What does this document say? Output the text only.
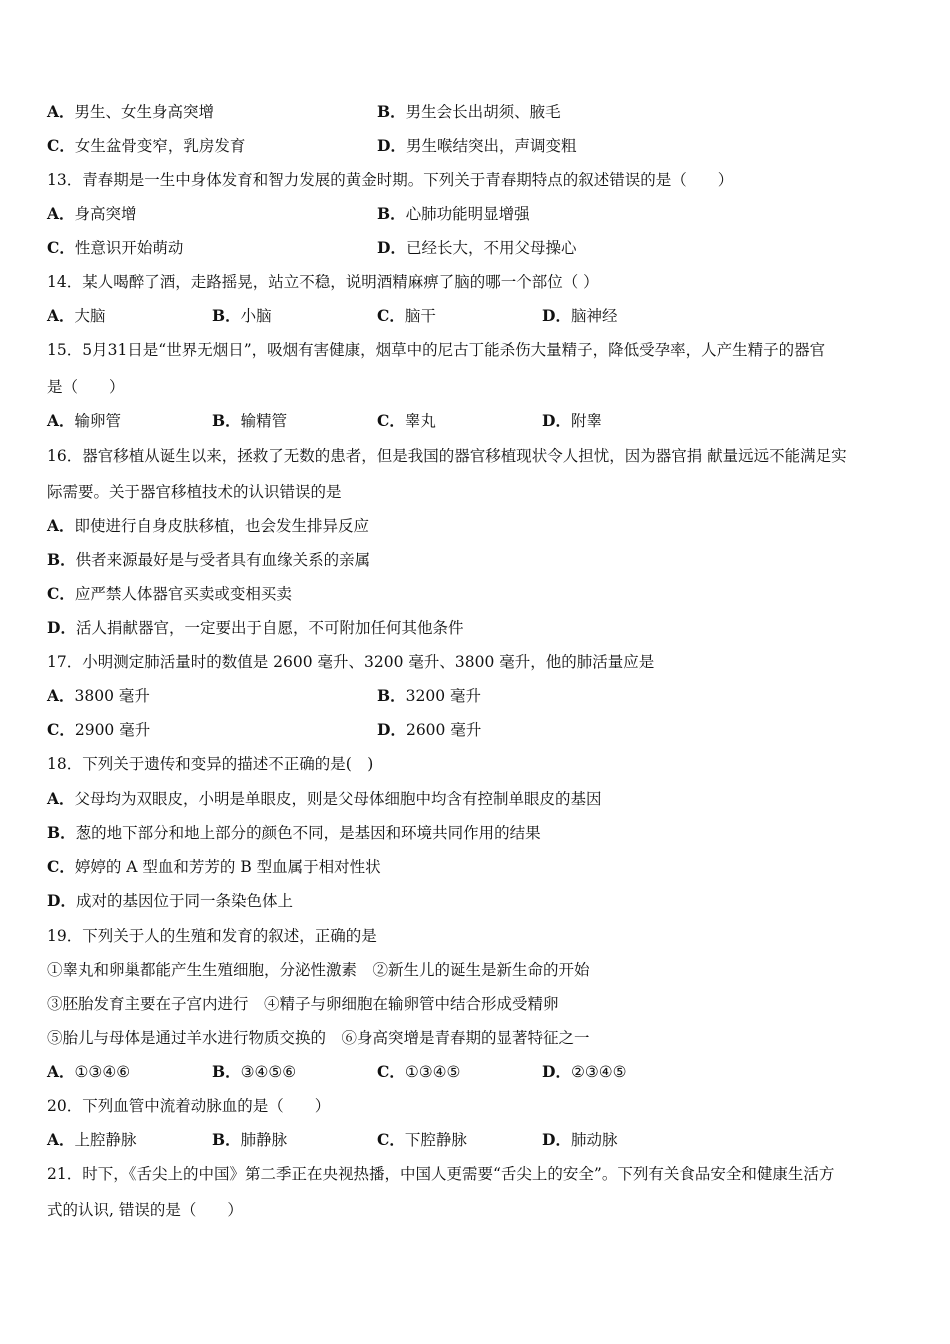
A．男生、女生身高突增	B．男生会长出胡须、腋毛
C．女生盆骨变窄，乳房发育	D．男生喉结突出，声调变粗
13．青春期是一生中身体发育和智力发展的黄金时期。下列关于青春期特点的叙述错误的是（　　）
A．身高突增	B．心肺功能明显增强
C．性意识开始萌动	D．已经长大，不用父母操心
14．某人喝醉了酒，走路摇晃，站立不稳，说明酒精麻痹了脑的哪一个部位（ ）
A．大脑	B．小脑	C．脑干	D．脑神经
15．5月31日是“世界无烟日”，吸烟有害健康，烟草中的尼古丁能杀伤大量精子，降低受孕率，人产生精子的器官
是（　　）
A．输卵管	B．输精管	C．睾丸	D．附睾
16．器官移植从诞生以来，拯救了无数的患者，但是我国的器官移植现状令人担忧，因为器官捐 献量远远不能满足实
际需要。关于器官移植技术的认识错误的是
A．即使进行自身皮肤移植，也会发生排异反应
B．供者来源最好是与受者具有血缘关系的亲属
C．应严禁人体器官买卖或变相买卖
D．活人捐献器官，一定要出于自愿，不可附加任何其他条件
17．小明测定肺活量时的数值是 2600 毫升、3200 毫升、3800 毫升，他的肺活量应是
A．3800 毫升	B．3200 毫升
C．2900 毫升	D．2600 毫升
18．下列关于遗传和变异的描述不正确的是(　)
A．父母均为双眼皮，小明是单眼皮，则是父母体细胞中均含有控制单眼皮的基因
B．葱的地下部分和地上部分的颜色不同，是基因和环境共同作用的结果
C．婷婷的 A 型血和芳芳的 B 型血属于相对性状
D．成对的基因位于同一条染色体上
19．下列关于人的生殖和发育的叙述，正确的是
①睾丸和卵巢都能产生生殖细胞，分泌性激素　②新生儿的诞生是新生命的开始
③胚胎发育主要在子宫内进行　④精子与卵细胞在输卵管中结合形成受精卵
⑤胎儿与母体是通过羊水进行物质交换的　⑥身高突增是青春期的显著特征之一
A．①③④⑥	B．③④⑤⑥	C．①③④⑤	D．②③④⑤
20．下列血管中流着动脉血的是（　　）
A．上腔静脉	B．肺静脉	C．下腔静脉	D．肺动脉
21．时下，《舌尖上的中国》第二季正在央视热播，中国人更需要“舌尖上的安全”。下列有关食品安全和健康生活方
式的认识, 错误的是（　　）
